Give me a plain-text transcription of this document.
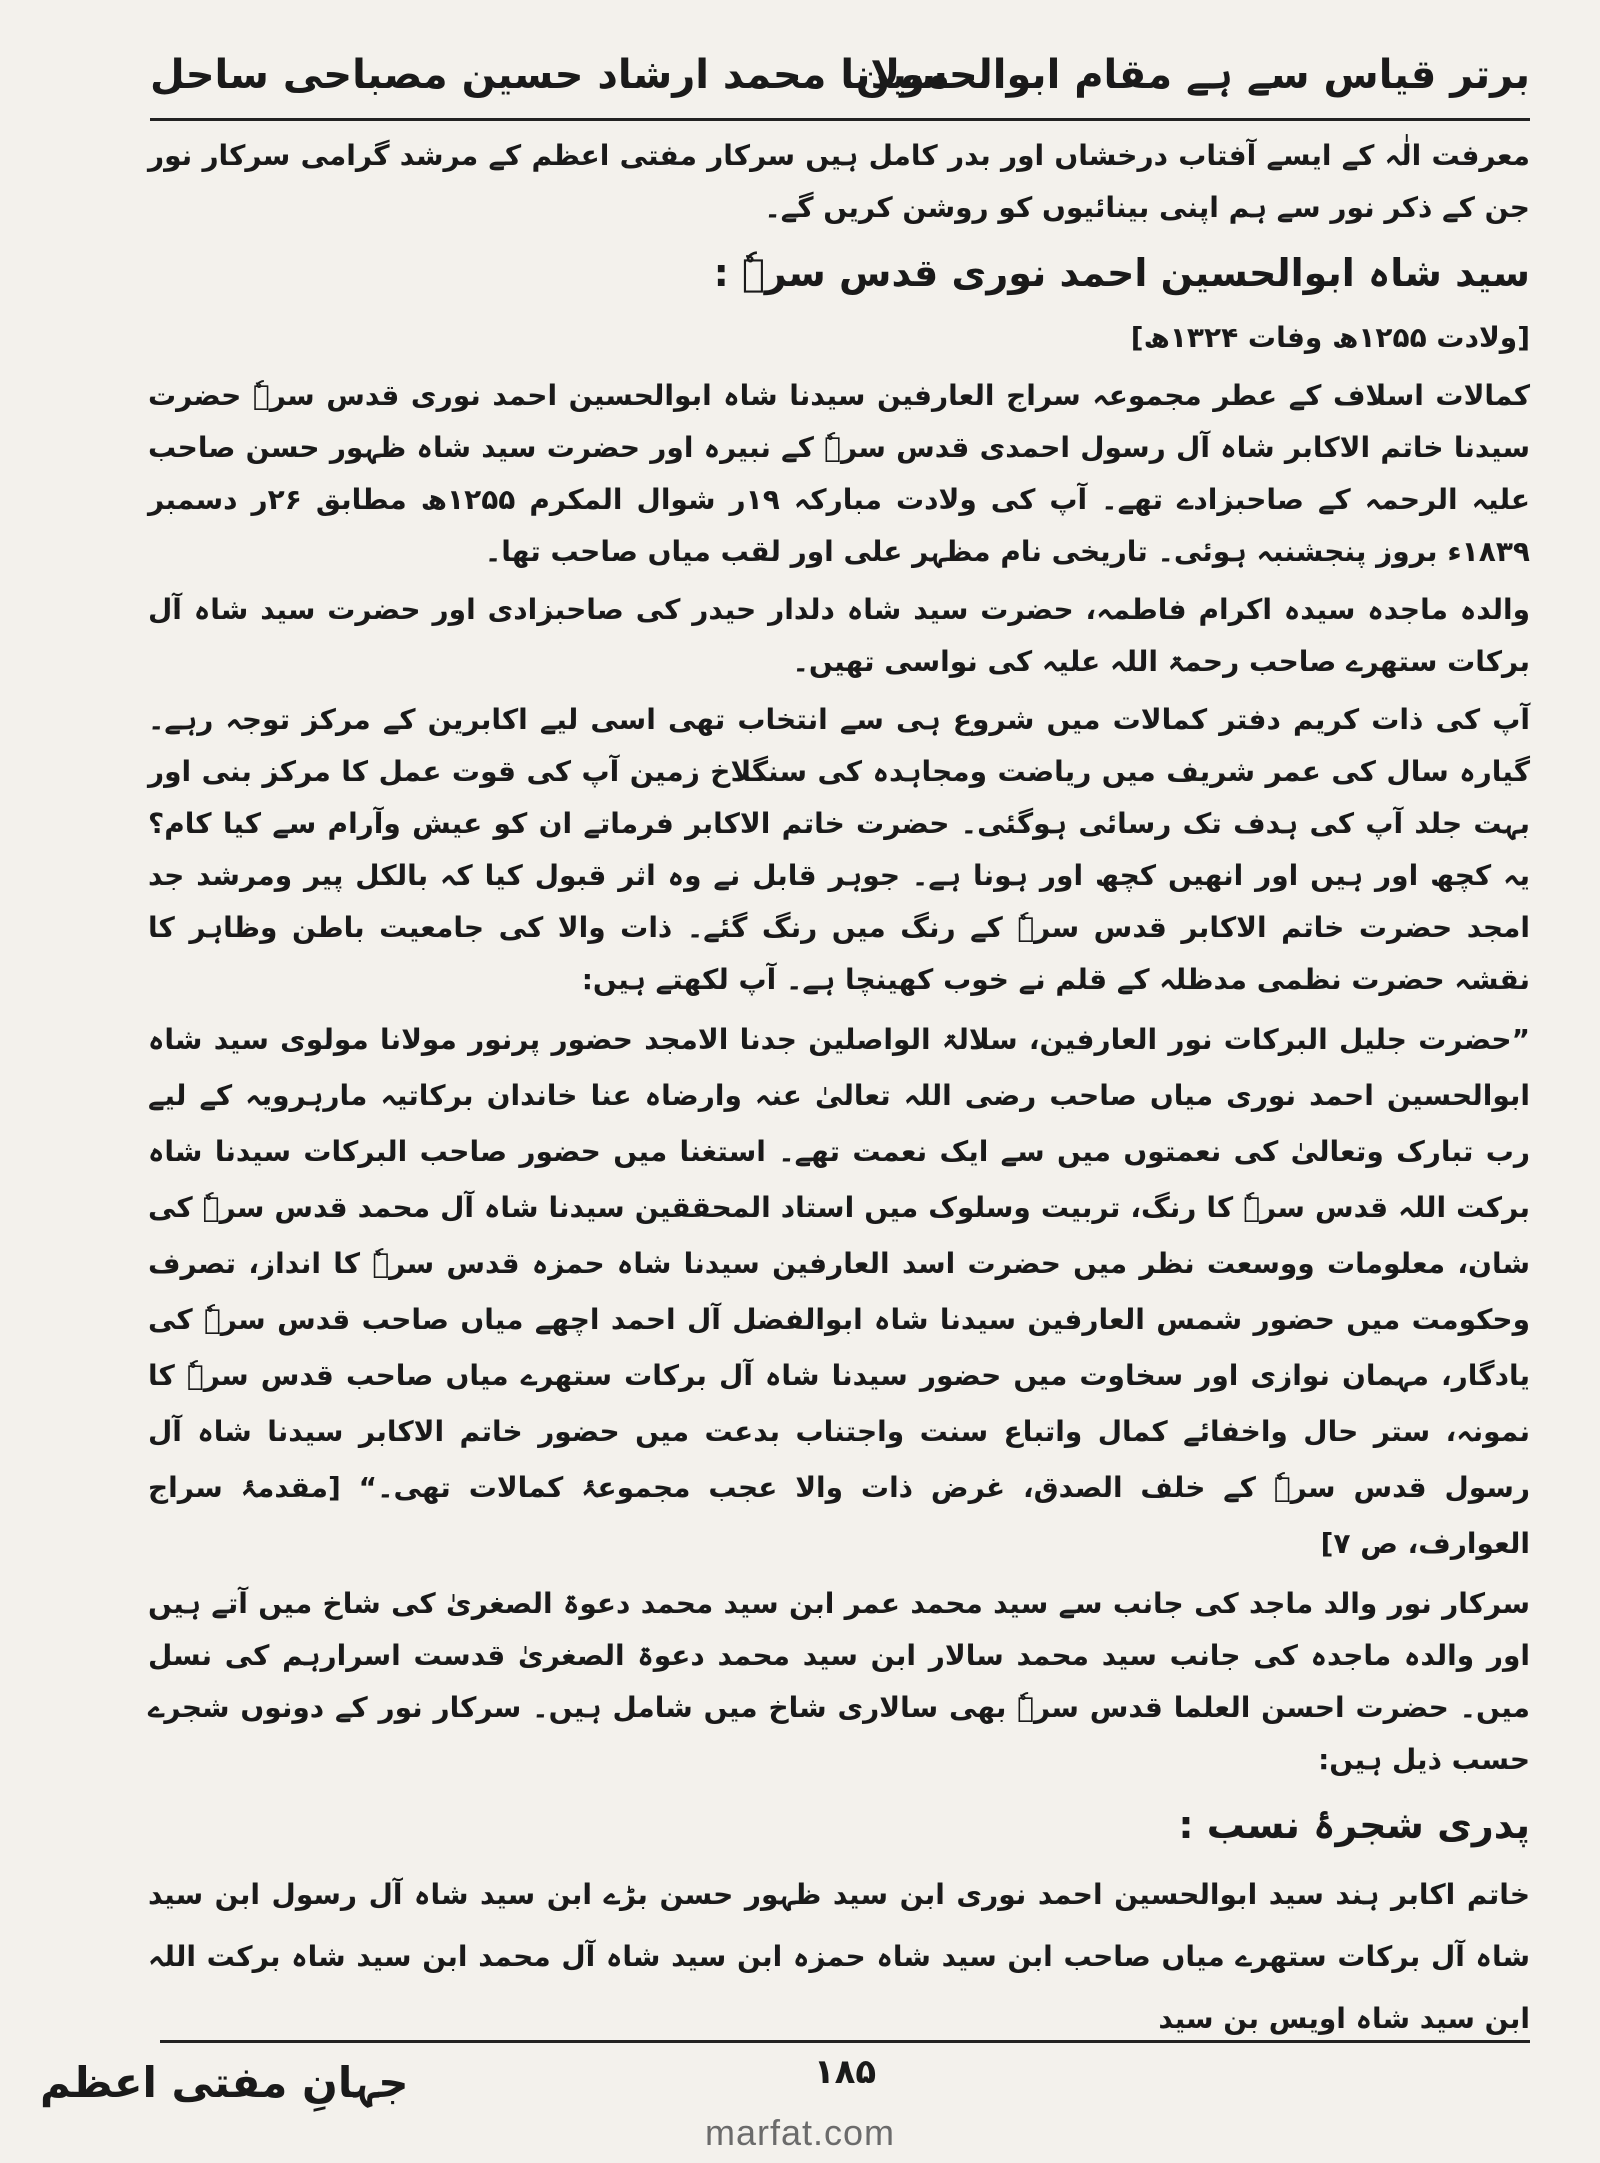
برتر قیاس سے ہے مقام ابوالحسین
مولانا محمد ارشاد حسین مصباحی ساحل

معرفت الٰہ کے ایسے آفتاب درخشاں اور بدر کامل ہیں سرکار مفتی اعظم کے مرشد گرامی سرکار نور جن کے ذکر نور سے ہم اپنی بینائیوں کو روشن کریں گے۔

سید شاہ ابوالحسین احمد نوری قدس سرہٗ :

[ولادت ۱۲۵۵ھ وفات ۱۳۲۴ھ]

کمالات اسلاف کے عطر مجموعہ سراج العارفین سیدنا شاہ ابوالحسین احمد نوری قدس سرہٗ حضرت سیدنا خاتم الاکابر شاہ آل رسول احمدی قدس سرہٗ کے نبیرہ اور حضرت سید شاہ ظہور حسن صاحب علیہ الرحمہ کے صاحبزادے تھے۔ آپ کی ولادت مبارکہ ۱۹ر شوال المکرم ۱۲۵۵ھ مطابق ۲۶ر دسمبر ۱۸۳۹ء بروز پنجشنبہ ہوئی۔ تاریخی نام مظہر علی اور لقب میاں صاحب تھا۔

والدہ ماجدہ سیدہ اکرام فاطمہ، حضرت سید شاہ دلدار حیدر کی صاحبزادی اور حضرت سید شاہ آل برکات ستھرے صاحب رحمۃ اللہ علیہ کی نواسی تھیں۔

آپ کی ذات کریم دفتر کمالات میں شروع ہی سے انتخاب تھی اسی لیے اکابرین کے مرکز توجہ رہے۔ گیارہ سال کی عمر شریف میں ریاضت ومجاہدہ کی سنگلاخ زمین آپ کی قوت عمل کا مرکز بنی اور بہت جلد آپ کی ہدف تک رسائی ہوگئی۔ حضرت خاتم الاکابر فرماتے ان کو عیش وآرام سے کیا کام؟ یہ کچھ اور ہیں اور انھیں کچھ اور ہونا ہے۔ جوہر قابل نے وہ اثر قبول کیا کہ بالکل پیر ومرشد جد امجد حضرت خاتم الاکابر قدس سرہٗ کے رنگ میں رنگ گئے۔ ذات والا کی جامعیت باطن وظاہر کا نقشہ حضرت نظمی مدظلہ کے قلم نے خوب کھینچا ہے۔ آپ لکھتے ہیں:

”حضرت جلیل البرکات نور العارفین، سلالۃ الواصلین جدنا الامجد حضور پرنور مولانا مولوی سید شاہ ابوالحسین احمد نوری میاں صاحب رضی اللہ تعالیٰ عنہ وارضاہ عنا خاندان برکاتیہ مارہرویہ کے لیے رب تبارک وتعالیٰ کی نعمتوں میں سے ایک نعمت تھے۔ استغنا میں حضور صاحب البرکات سیدنا شاہ برکت اللہ قدس سرہٗ کا رنگ، تربیت وسلوک میں استاد المحققین سیدنا شاہ آل محمد قدس سرہٗ کی شان، معلومات ووسعت نظر میں حضرت اسد العارفین سیدنا شاہ حمزہ قدس سرہٗ کا انداز، تصرف وحکومت میں حضور شمس العارفین سیدنا شاہ ابوالفضل آل احمد اچھے میاں صاحب قدس سرہٗ کی یادگار، مہمان نوازی اور سخاوت میں حضور سیدنا شاہ آل برکات ستھرے میاں صاحب قدس سرہٗ کا نمونہ، ستر حال واخفائے کمال واتباع سنت واجتناب بدعت میں حضور خاتم الاکابر سیدنا شاہ آل رسول قدس سرہٗ کے خلف الصدق، غرض ذات والا عجب مجموعۂ کمالات تھی۔“ [مقدمۂ سراج العوارف، ص ۷]

سرکار نور والد ماجد کی جانب سے سید محمد عمر ابن سید محمد دعوۃ الصغریٰ کی شاخ میں آتے ہیں اور والدہ ماجدہ کی جانب سید محمد سالار ابن سید محمد دعوۃ الصغریٰ قدست اسرارہم کی نسل میں۔ حضرت احسن العلما قدس سرہٗ بھی سالاری شاخ میں شامل ہیں۔ سرکار نور کے دونوں شجرے حسب ذیل ہیں:

پدری شجرۂ نسب :

خاتم اکابر ہند سید ابوالحسین احمد نوری ابن سید ظہور حسن بڑے ابن سید شاہ آل رسول ابن سید شاہ آل برکات ستھرے میاں صاحب ابن سید شاہ حمزہ ابن سید شاہ آل محمد ابن سید شاہ برکت اللہ ابن سید شاہ اویس بن سید

۱۸۵
جہانِ مفتی اعظم
marfat.com
